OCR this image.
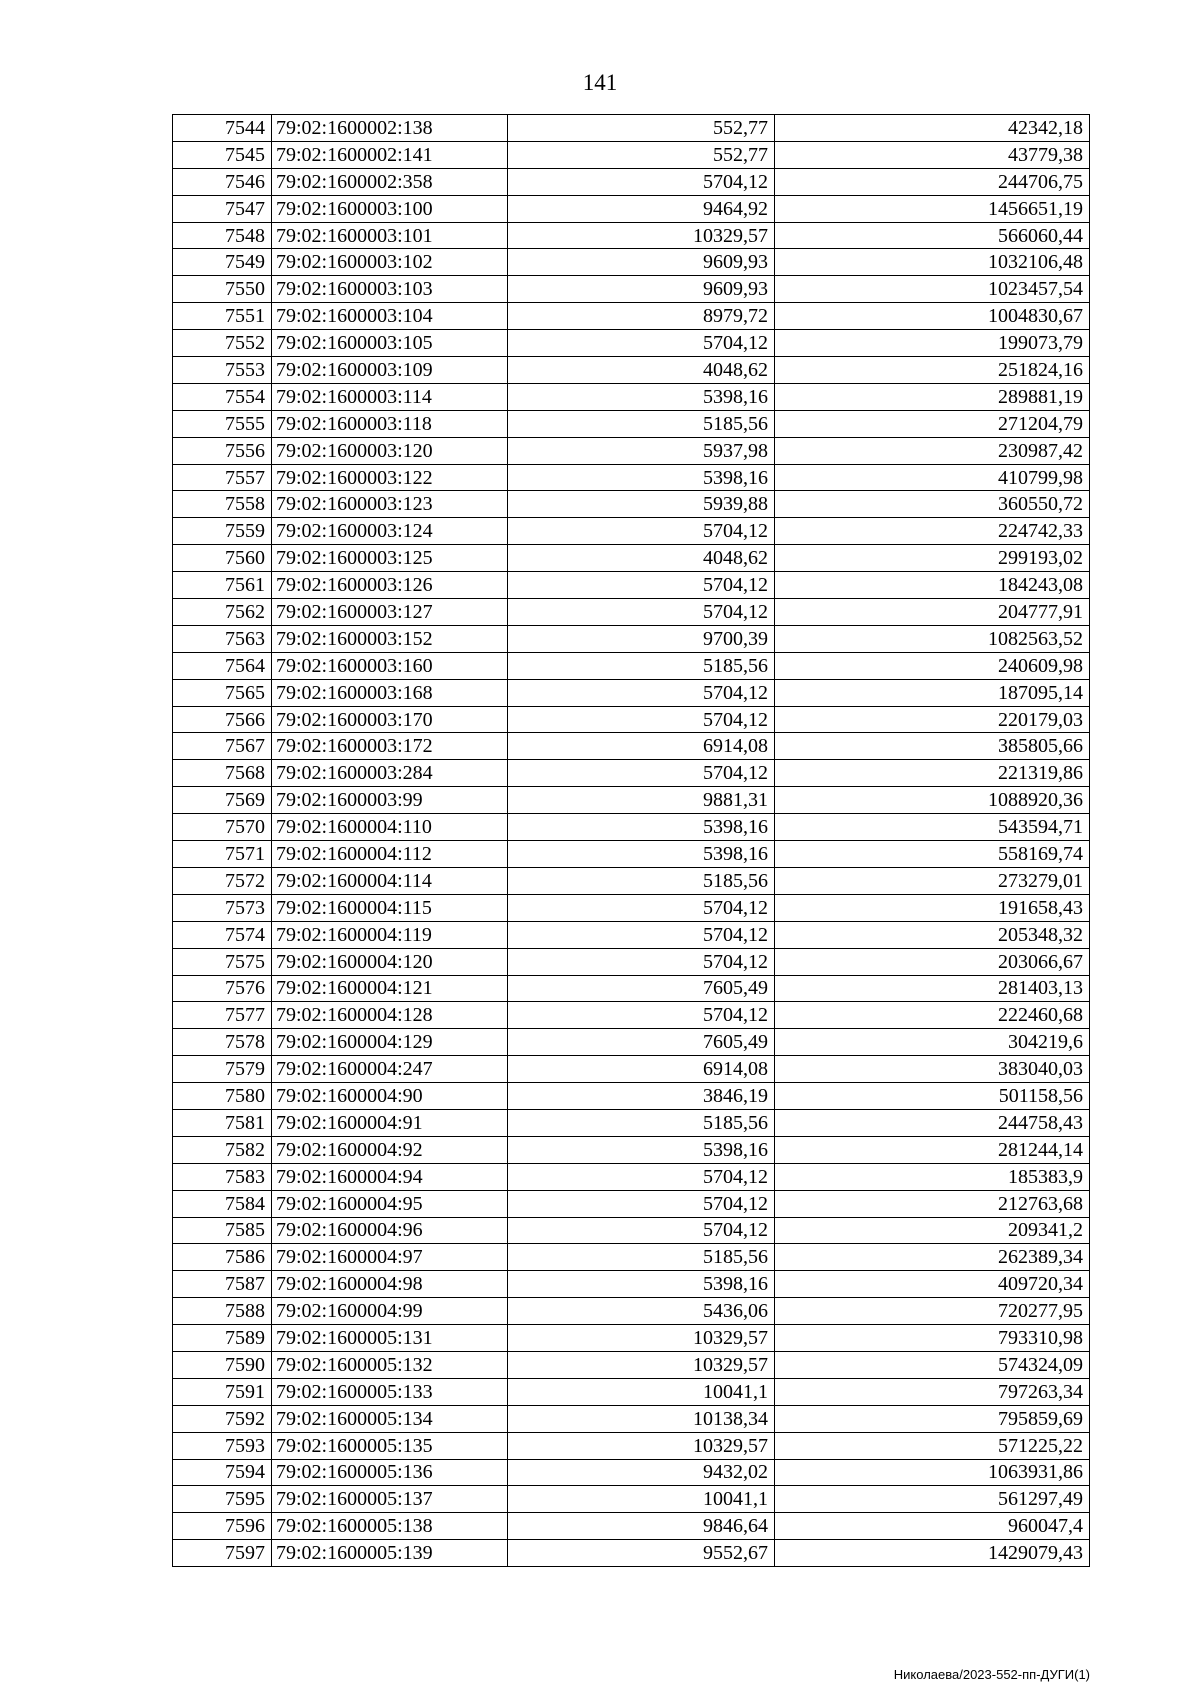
141
7544	79:02:1600002:138	552,77	42342,18
7545	79:02:1600002:141	552,77	43779,38
7546	79:02:1600002:358	5704,12	244706,75
7547	79:02:1600003:100	9464,92	1456651,19
7548	79:02:1600003:101	10329,57	566060,44
7549	79:02:1600003:102	9609,93	1032106,48
7550	79:02:1600003:103	9609,93	1023457,54
7551	79:02:1600003:104	8979,72	1004830,67
7552	79:02:1600003:105	5704,12	199073,79
7553	79:02:1600003:109	4048,62	251824,16
7554	79:02:1600003:114	5398,16	289881,19
7555	79:02:1600003:118	5185,56	271204,79
7556	79:02:1600003:120	5937,98	230987,42
7557	79:02:1600003:122	5398,16	410799,98
7558	79:02:1600003:123	5939,88	360550,72
7559	79:02:1600003:124	5704,12	224742,33
7560	79:02:1600003:125	4048,62	299193,02
7561	79:02:1600003:126	5704,12	184243,08
7562	79:02:1600003:127	5704,12	204777,91
7563	79:02:1600003:152	9700,39	1082563,52
7564	79:02:1600003:160	5185,56	240609,98
7565	79:02:1600003:168	5704,12	187095,14
7566	79:02:1600003:170	5704,12	220179,03
7567	79:02:1600003:172	6914,08	385805,66
7568	79:02:1600003:284	5704,12	221319,86
7569	79:02:1600003:99	9881,31	1088920,36
7570	79:02:1600004:110	5398,16	543594,71
7571	79:02:1600004:112	5398,16	558169,74
7572	79:02:1600004:114	5185,56	273279,01
7573	79:02:1600004:115	5704,12	191658,43
7574	79:02:1600004:119	5704,12	205348,32
7575	79:02:1600004:120	5704,12	203066,67
7576	79:02:1600004:121	7605,49	281403,13
7577	79:02:1600004:128	5704,12	222460,68
7578	79:02:1600004:129	7605,49	304219,6
7579	79:02:1600004:247	6914,08	383040,03
7580	79:02:1600004:90	3846,19	501158,56
7581	79:02:1600004:91	5185,56	244758,43
7582	79:02:1600004:92	5398,16	281244,14
7583	79:02:1600004:94	5704,12	185383,9
7584	79:02:1600004:95	5704,12	212763,68
7585	79:02:1600004:96	5704,12	209341,2
7586	79:02:1600004:97	5185,56	262389,34
7587	79:02:1600004:98	5398,16	409720,34
7588	79:02:1600004:99	5436,06	720277,95
7589	79:02:1600005:131	10329,57	793310,98
7590	79:02:1600005:132	10329,57	574324,09
7591	79:02:1600005:133	10041,1	797263,34
7592	79:02:1600005:134	10138,34	795859,69
7593	79:02:1600005:135	10329,57	571225,22
7594	79:02:1600005:136	9432,02	1063931,86
7595	79:02:1600005:137	10041,1	561297,49
7596	79:02:1600005:138	9846,64	960047,4
7597	79:02:1600005:139	9552,67	1429079,43
Николаева/2023-552-пп-ДУГИ(1)
